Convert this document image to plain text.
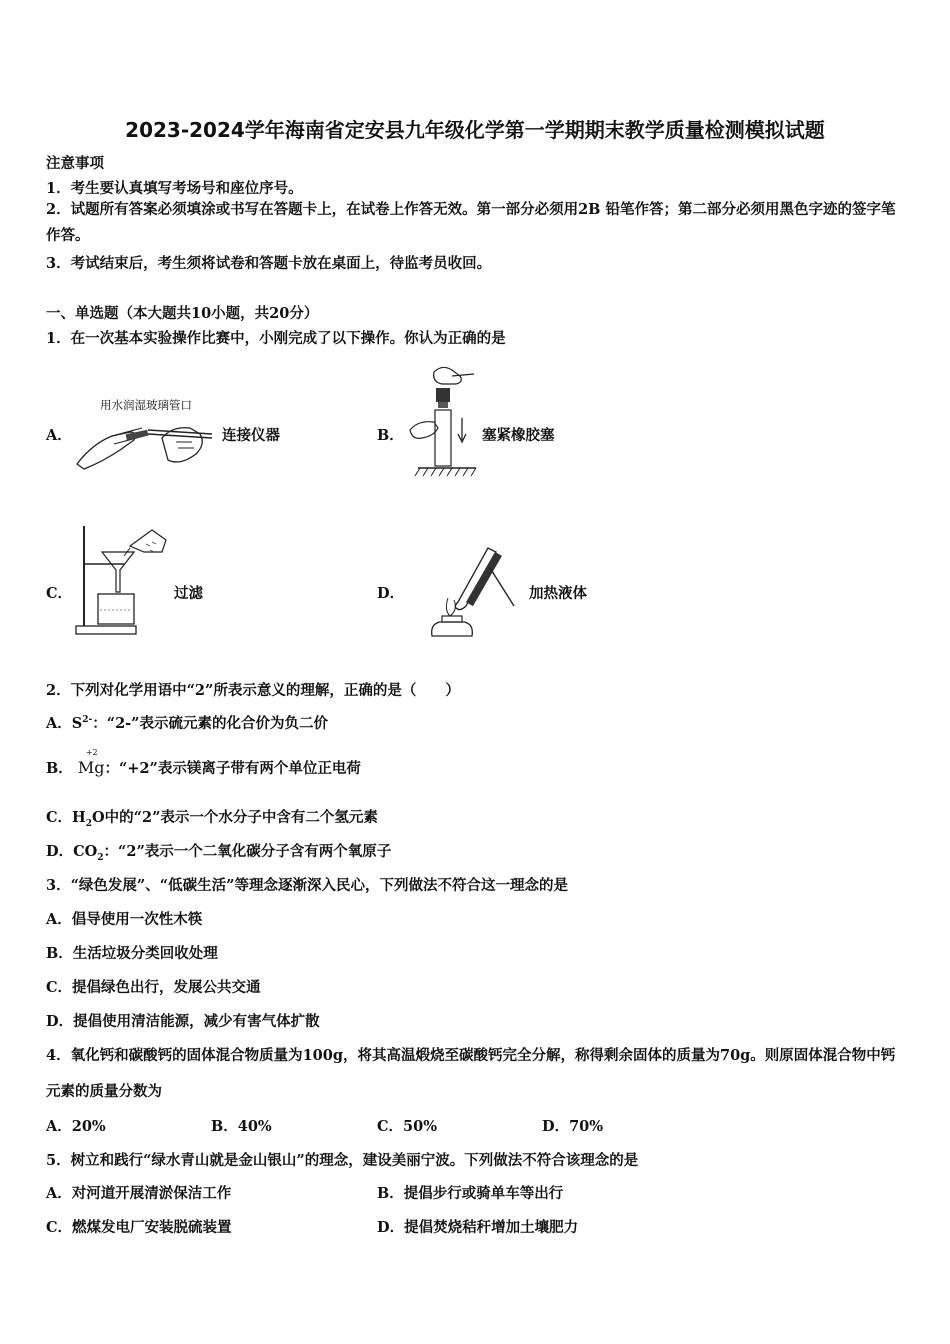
2023-2024学年海南省定安县九年级化学第一学期期末教学质量检测模拟试题
注意事项
1．考生要认真填写考场号和座位序号。
2．试题所有答案必须填涂或书写在答题卡上，在试卷上作答无效。第一部分必须用2B 铅笔作答；第二部分必须用黑色字迹的签字笔作答。
3．考试结束后，考生须将试卷和答题卡放在桌面上，待监考员收回。
一、单选题（本大题共10小题，共20分）
1．在一次基本实验操作比赛中，小刚完成了以下操作。你认为正确的是
A．
用水润湿玻璃管口
连接仪器	B．	塞紧橡胶塞
C．	过滤	D．	加热液体
2．下列对化学用语中“2”所表示意义的理解，正确的是（　　）
A．$S^{2-}$：“2-”表示硫元素的化合价为负二价
B．
+2
Mg：“+2”表示镁离子带有两个单位正电荷
C．$H_2O$中的“2”表示一个水分子中含有二个氢元素
D．$CO_2$：“2”表示一个二氧化碳分子含有两个氧原子
3．“绿色发展”、“低碳生活”等理念逐渐深入民心，下列做法不符合这一理念的是
A．倡导使用一次性木筷
B．生活垃圾分类回收处理
C．提倡绿色出行，发展公共交通
D．提倡使用清洁能源，减少有害气体扩散
4．氧化钙和碳酸钙的固体混合物质量为100g，将其高温煅烧至碳酸钙完全分解，称得剩余固体的质量为70g。则原固体混合物中钙元素的质量分数为
A．20%	B．40%	C．50%	D．70%
5．树立和践行“绿水青山就是金山银山”的理念，建设美丽宁波。下列做法不符合该理念的是
A．对河道开展清淤保洁工作	B．提倡步行或骑单车等出行
C．燃煤发电厂安装脱硫装置	D．提倡焚烧秸秆增加土壤肥力
